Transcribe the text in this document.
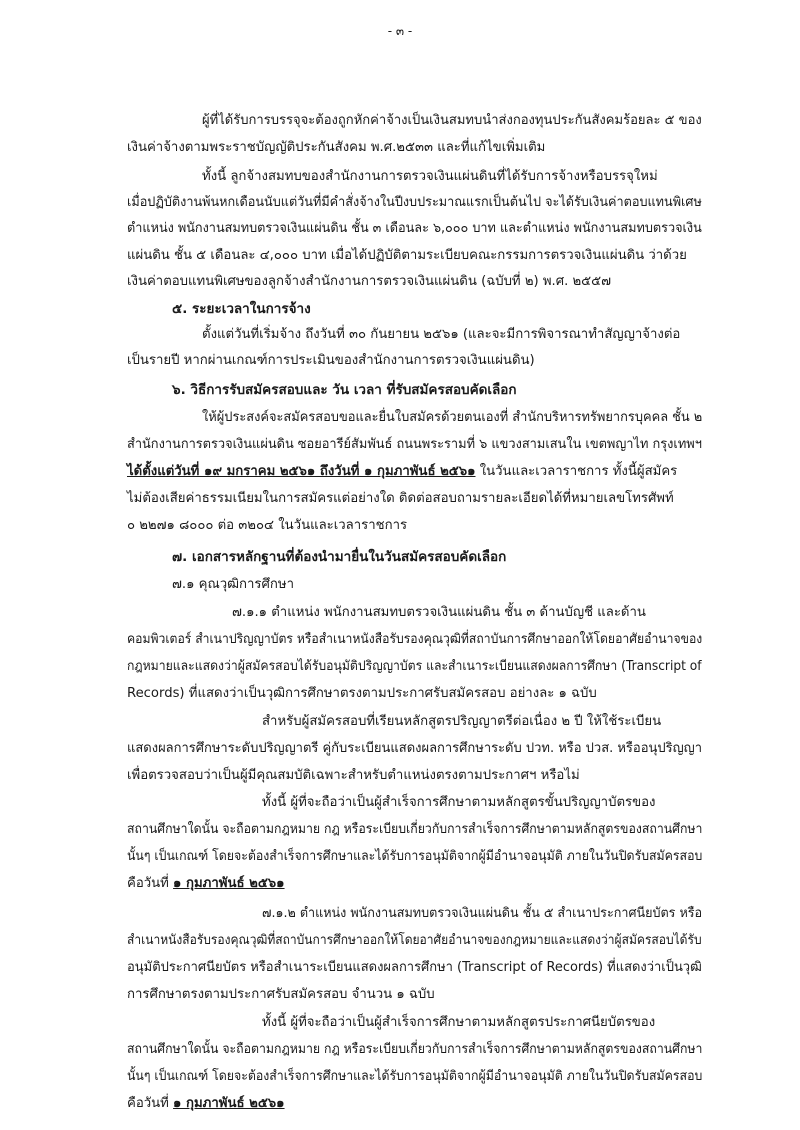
- ๓ -
ผู้ที่ได้รับการบรรจุจะต้องถูกหักค่าจ้างเป็นเงินสมทบนำส่งกองทุนประกันสังคมร้อยละ ๕ ของ
เงินค่าจ้างตามพระราชบัญญัติประกันสังคม พ.ศ.๒๕๓๓ และที่แก้ไขเพิ่มเติม
ทั้งนี้ ลูกจ้างสมทบของสำนักงานการตรวจเงินแผ่นดินที่ได้รับการจ้างหรือบรรจุใหม่
เมื่อปฏิบัติงานพ้นหกเดือนนับแต่วันที่มีคำสั่งจ้างในปีงบประมาณแรกเป็นต้นไป จะได้รับเงินค่าตอบแทนพิเศษ
ตำแหน่ง พนักงานสมทบตรวจเงินแผ่นดิน ชั้น ๓ เดือนละ ๖,๐๐๐ บาท และตำแหน่ง พนักงานสมทบตรวจเงิน
แผ่นดิน ชั้น ๕ เดือนละ ๔,๐๐๐ บาท เมื่อได้ปฏิบัติตามระเบียบคณะกรรมการตรวจเงินแผ่นดิน ว่าด้วย
เงินค่าตอบแทนพิเศษของลูกจ้างสำนักงานการตรวจเงินแผ่นดิน (ฉบับที่ ๒) พ.ศ. ๒๕๕๗
๕. ระยะเวลาในการจ้าง
ตั้งแต่วันที่เริ่มจ้าง ถึงวันที่ ๓๐ กันยายน ๒๕๖๑ (และจะมีการพิจารณาทำสัญญาจ้างต่อ
เป็นรายปี หากผ่านเกณฑ์การประเมินของสำนักงานการตรวจเงินแผ่นดิน)
๖. วิธีการรับสมัครสอบและ วัน เวลา ที่รับสมัครสอบคัดเลือก
ให้ผู้ประสงค์จะสมัครสอบขอและยื่นใบสมัครด้วยตนเองที่ สำนักบริหารทรัพยากรบุคคล ชั้น ๒
สำนักงานการตรวจเงินแผ่นดิน ซอยอารีย์สัมพันธ์ ถนนพระรามที่ ๖ แขวงสามเสนใน เขตพญาไท กรุงเทพฯ
ได้ตั้งแต่วันที่ ๑๙ มกราคม ๒๕๖๑ ถึงวันที่ ๑ กุมภาพันธ์ ๒๕๖๑ ในวันและเวลาราชการ ทั้งนี้ผู้สมัคร
ไม่ต้องเสียค่าธรรมเนียมในการสมัครแต่อย่างใด ติดต่อสอบถามรายละเอียดได้ที่หมายเลขโทรศัพท์
๐ ๒๒๗๑ ๘๐๐๐ ต่อ ๓๒๐๔ ในวันและเวลาราชการ
๗. เอกสารหลักฐานที่ต้องนำมายื่นในวันสมัครสอบคัดเลือก
๗.๑ คุณวุฒิการศึกษา
๗.๑.๑ ตำแหน่ง พนักงานสมทบตรวจเงินแผ่นดิน ชั้น ๓ ด้านบัญชี และด้าน
คอมพิวเตอร์ สำเนาปริญญาบัตร หรือสำเนาหนังสือรับรองคุณวุฒิที่สถาบันการศึกษาออกให้โดยอาศัยอำนาจของ
กฎหมายและแสดงว่าผู้สมัครสอบได้รับอนุมัติปริญญาบัตร และสำเนาระเบียนแสดงผลการศึกษา (Transcript of
Records) ที่แสดงว่าเป็นวุฒิการศึกษาตรงตามประกาศรับสมัครสอบ อย่างละ ๑ ฉบับ
สำหรับผู้สมัครสอบที่เรียนหลักสูตรปริญญาตรีต่อเนื่อง ๒ ปี ให้ใช้ระเบียน
แสดงผลการศึกษาระดับปริญญาตรี คู่กับระเบียนแสดงผลการศึกษาระดับ ปวท. หรือ ปวส. หรืออนุปริญญา
เพื่อตรวจสอบว่าเป็นผู้มีคุณสมบัติเฉพาะสำหรับตำแหน่งตรงตามประกาศฯ หรือไม่
ทั้งนี้ ผู้ที่จะถือว่าเป็นผู้สำเร็จการศึกษาตามหลักสูตรขั้นปริญญาบัตรของ
สถานศึกษาใดนั้น จะถือตามกฎหมาย กฎ หรือระเบียบเกี่ยวกับการสำเร็จการศึกษาตามหลักสูตรของสถานศึกษา
นั้นๆ เป็นเกณฑ์ โดยจะต้องสำเร็จการศึกษาและได้รับการอนุมัติจากผู้มีอำนาจอนุมัติ ภายในวันปิดรับสมัครสอบ
คือวันที่ ๑ กุมภาพันธ์ ๒๕๖๑
๗.๑.๒ ตำแหน่ง พนักงานสมทบตรวจเงินแผ่นดิน ชั้น ๕ สำเนาประกาศนียบัตร หรือ
สำเนาหนังสือรับรองคุณวุฒิที่สถาบันการศึกษาออกให้โดยอาศัยอำนาจของกฎหมายและแสดงว่าผู้สมัครสอบได้รับ
อนุมัติประกาศนียบัตร หรือสำเนาระเบียนแสดงผลการศึกษา (Transcript of Records) ที่แสดงว่าเป็นวุฒิ
การศึกษาตรงตามประกาศรับสมัครสอบ จำนวน ๑ ฉบับ
ทั้งนี้ ผู้ที่จะถือว่าเป็นผู้สำเร็จการศึกษาตามหลักสูตรประกาศนียบัตรของ
สถานศึกษาใดนั้น จะถือตามกฎหมาย กฎ หรือระเบียบเกี่ยวกับการสำเร็จการศึกษาตามหลักสูตรของสถานศึกษา
นั้นๆ เป็นเกณฑ์ โดยจะต้องสำเร็จการศึกษาและได้รับการอนุมัติจากผู้มีอำนาจอนุมัติ ภายในวันปิดรับสมัครสอบ
คือวันที่ ๑ กุมภาพันธ์ ๒๕๖๑
